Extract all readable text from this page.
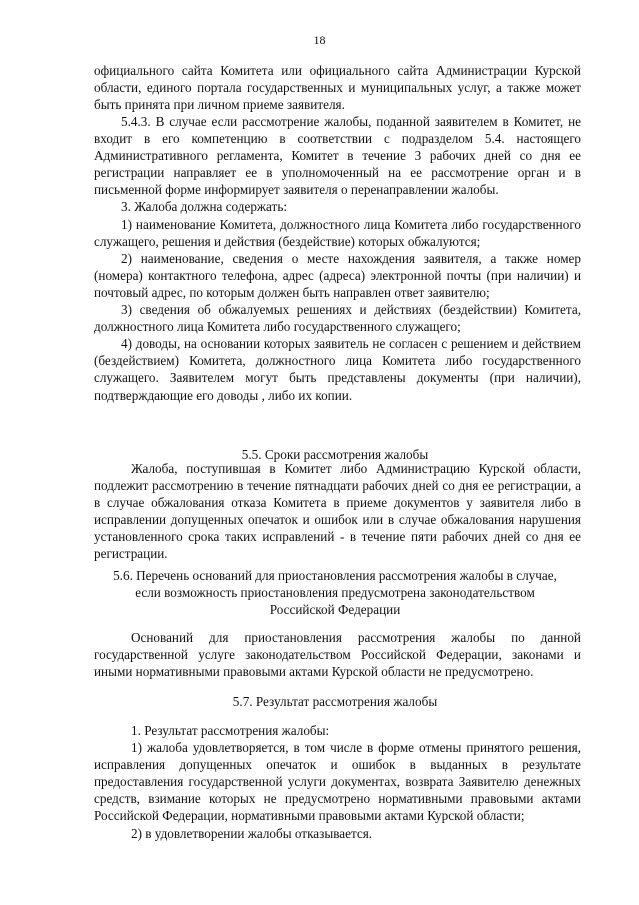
18

официального сайта Комитета или официального сайта Администрации Курской области, единого портала государственных и муниципальных услуг, а также может быть принята при личном приеме заявителя.

5.4.3. В случае если рассмотрение жалобы, поданной заявителем в Комитет, не входит в его компетенцию в соответствии с подразделом 5.4. настоящего Административного регламента, Комитет в течение 3 рабочих дней со дня ее регистрации направляет ее в уполномоченный на ее рассмотрение орган и в письменной форме информирует заявителя о перенаправлении жалобы.

3. Жалоба должна содержать:

1) наименование Комитета, должностного лица Комитета либо государственного служащего, решения и действия (бездействие) которых обжалуются;

2) наименование, сведения о месте нахождения заявителя, а также номер (номера) контактного телефона, адрес (адреса) электронной почты (при наличии) и почтовый адрес, по которым должен быть направлен ответ заявителю;

3) сведения об обжалуемых решениях и действиях (бездействии) Комитета, должностного лица Комитета либо государственного служащего;

4) доводы, на основании которых заявитель не согласен с решением и действием (бездействием) Комитета, должностного лица Комитета либо государственного служащего. Заявителем могут быть представлены документы (при наличии), подтверждающие его доводы , либо их копии.

5.5. Сроки рассмотрения жалобы

Жалоба, поступившая в Комитет либо Администрацию Курской области, подлежит рассмотрению в течение пятнадцати рабочих дней со дня ее регистрации, а в случае обжалования отказа Комитета в приеме документов у заявителя либо в исправлении допущенных опечаток и ошибок или в случае обжалования нарушения установленного срока таких исправлений - в течение пяти рабочих дней со дня ее регистрации.

5.6. Перечень оснований для приостановления рассмотрения жалобы в случае,
если возможность приостановления предусмотрена законодательством
Российской Федерации

Оснований для приостановления рассмотрения жалобы по данной государственной услуге законодательством Российской Федерации, законами и иными нормативными правовыми актами Курской области не предусмотрено.

5.7. Результат рассмотрения жалобы

1. Результат рассмотрения жалобы:

1) жалоба удовлетворяется, в том числе в форме отмены принятого решения, исправления допущенных опечаток и ошибок в выданных в результате предоставления государственной услуги документах, возврата Заявителю денежных средств, взимание которых не предусмотрено нормативными правовыми актами Российской Федерации, нормативными правовыми актами Курской области;

2) в удовлетворении жалобы отказывается.
